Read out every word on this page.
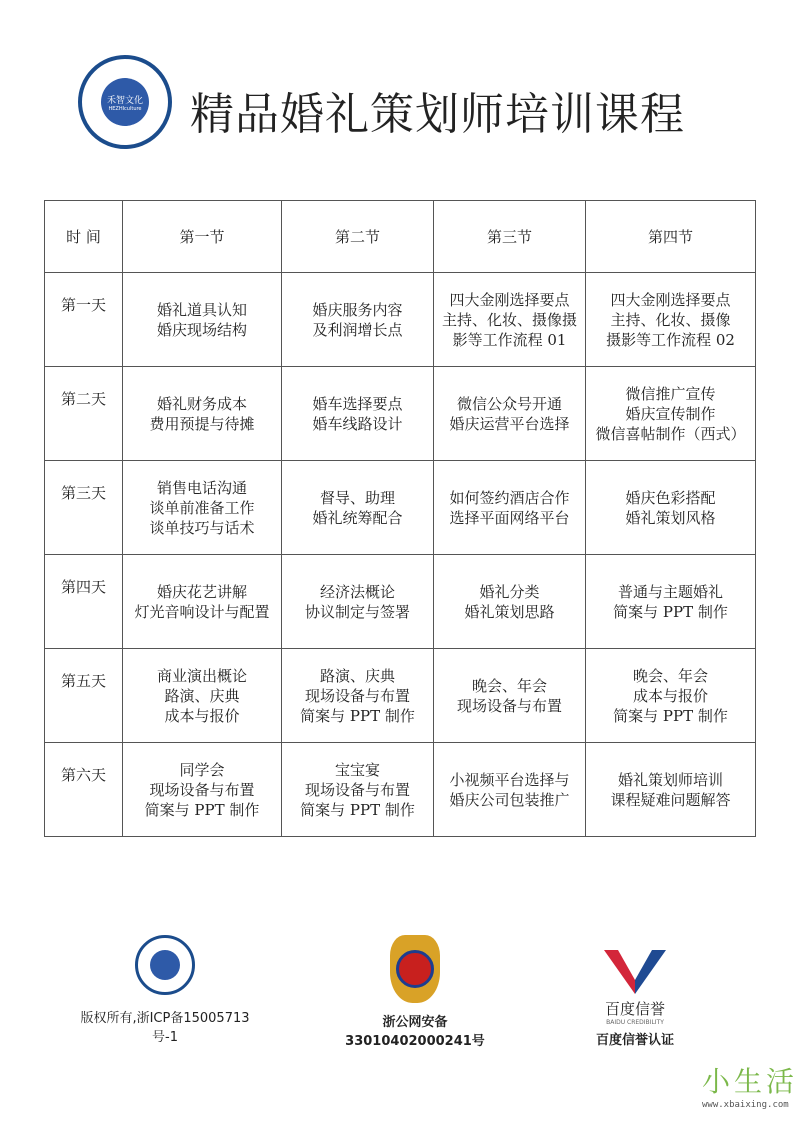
禾智文化
HEZHIculture 精品婚礼策划师培训课程
时 间	第一节	第二节	第三节	第四节

第一天	婚礼道具认知
婚庆现场结构	婚庆服务内容
及利润增长点	四大金刚选择要点
主持、化妆、摄像摄
影等工作流程 01	四大金刚选择要点
主持、化妆、摄像
摄影等工作流程 02

第二天	婚礼财务成本
费用预提与待摊	婚车选择要点
婚车线路设计	微信公众号开通
婚庆运营平台选择	微信推广宣传
婚庆宣传制作
微信喜帖制作（西式）

第三天	销售电话沟通
谈单前准备工作
谈单技巧与话术	督导、助理
婚礼统筹配合	如何签约酒店合作
选择平面网络平台	婚庆色彩搭配
婚礼策划风格

第四天	婚庆花艺讲解
灯光音响设计与配置	经济法概论
协议制定与签署	婚礼分类
婚礼策划思路	普通与主题婚礼
简案与 PPT 制作

第五天	商业演出概论
路演、庆典
成本与报价	路演、庆典
现场设备与布置
简案与 PPT 制作	晚会、年会
现场设备与布置	晚会、年会
成本与报价
简案与 PPT 制作

第六天	同学会
现场设备与布置
简案与 PPT 制作	宝宝宴
现场设备与布置
简案与 PPT 制作	小视频平台选择与
婚庆公司包装推广	婚礼策划师培训
课程疑难问题解答
版权所有,浙ICP备15005713号-1
浙公网安备 33010402000241号
百度信誉
BAIDU CREDIBILITY
百度信誉认证
小生活
www.xbaixing.com
